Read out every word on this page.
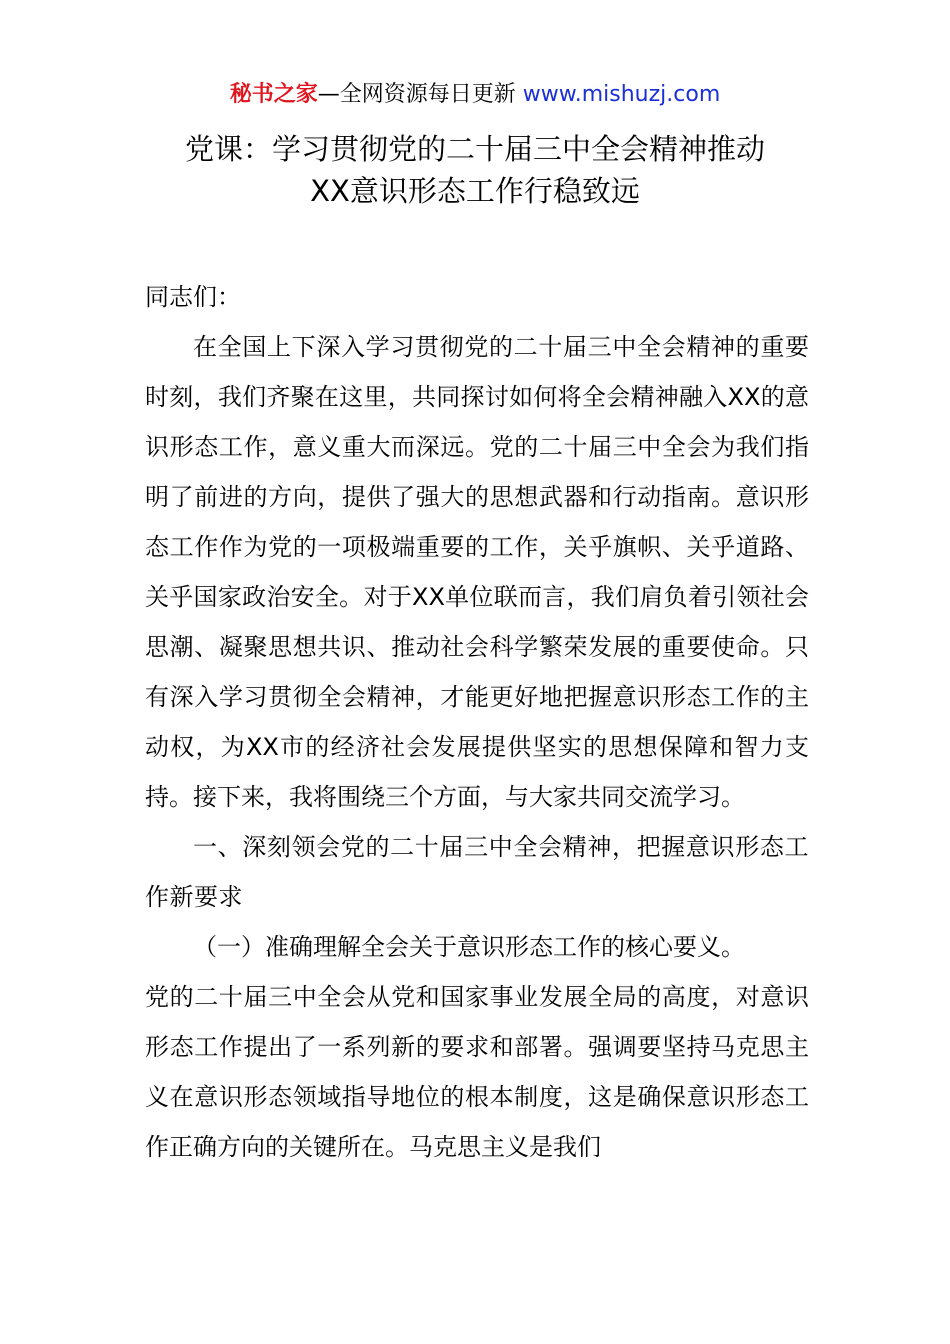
秘书之家—全网资源每日更新 www.mishuzj.com
党课：学习贯彻党的二十届三中全会精神推动
XX意识形态工作行稳致远

同志们：

在全国上下深入学习贯彻党的二十届三中全会精神的重要时刻，我们齐聚在这里，共同探讨如何将全会精神融入XX的意识形态工作，意义重大而深远。党的二十届三中全会为我们指明了前进的方向，提供了强大的思想武器和行动指南。意识形态工作作为党的一项极端重要的工作，关乎旗帜、关乎道路、关乎国家政治安全。对于XX单位联而言，我们肩负着引领社会思潮、凝聚思想共识、推动社会科学繁荣发展的重要使命。只有深入学习贯彻全会精神，才能更好地把握意识形态工作的主动权，为XX市的经济社会发展提供坚实的思想保障和智力支持。接下来，我将围绕三个方面，与大家共同交流学习。

一、深刻领会党的二十届三中全会精神，把握意识形态工作新要求

（一）准确理解全会关于意识形态工作的核心要义。

党的二十届三中全会从党和国家事业发展全局的高度，对意识形态工作提出了一系列新的要求和部署。强调要坚持马克思主义在意识形态领域指导地位的根本制度，这是确保意识形态工作正确方向的关键所在。马克思主义是我们
